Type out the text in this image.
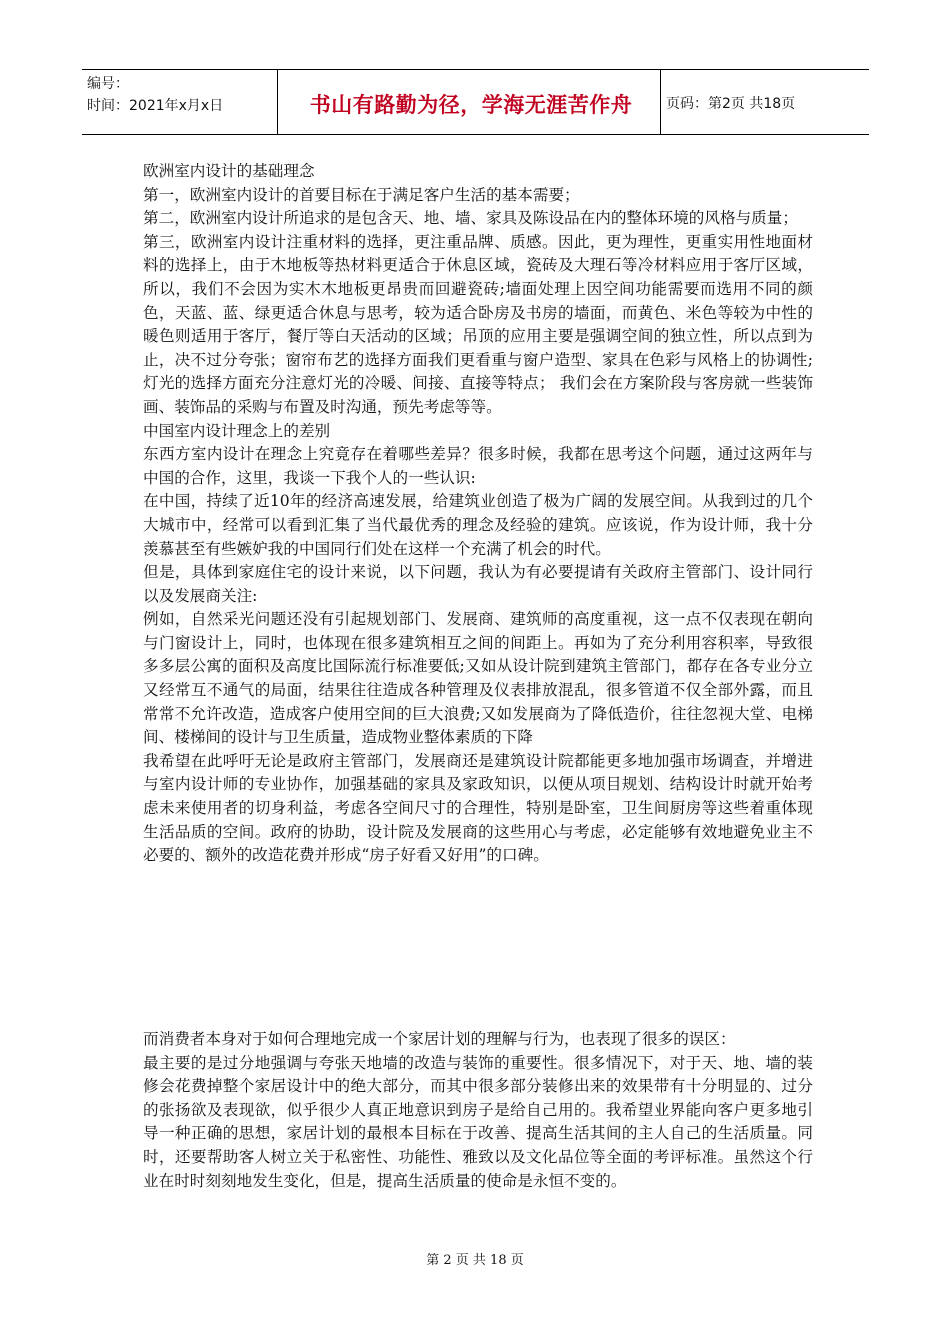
编号：
时间：2021年x月x日	书山有路勤为径，学海无涯苦作舟	页码：第2页 共18页

欧洲室内设计的基础理念

第一，欧洲室内设计的首要目标在于满足客户生活的基本需要；

第二，欧洲室内设计所追求的是包含天、地、墙、家具及陈设品在内的整体环境的风格与质量；

第三，欧洲室内设计注重材料的选择，更注重品牌、质感。因此，更为理性，更重实用性地面材料的选择上，由于木地板等热材料更适合于休息区域，瓷砖及大理石等冷材料应用于客厅区域，所以，我们不会因为实木木地板更昂贵而回避瓷砖;墙面处理上因空间功能需要而选用不同的颜色，天蓝、蓝、绿更适合休息与思考，较为适合卧房及书房的墙面，而黄色、米色等较为中性的暖色则适用于客厅，餐厅等白天活动的区域；吊顶的应用主要是强调空间的独立性，所以点到为止，决不过分夸张；窗帘布艺的选择方面我们更看重与窗户造型、家具在色彩与风格上的协调性;灯光的选择方面充分注意灯光的冷暖、间接、直接等特点； 我们会在方案阶段与客房就一些装饰画、装饰品的采购与布置及时沟通，预先考虑等等。

中国室内设计理念上的差别

东西方室内设计在理念上究竟存在着哪些差异？很多时候，我都在思考这个问题，通过这两年与中国的合作，这里，我谈一下我个人的一些认识:

在中国，持续了近10年的经济高速发展，给建筑业创造了极为广阔的发展空间。从我到过的几个大城市中，经常可以看到汇集了当代最优秀的理念及经验的建筑。应该说，作为设计师，我十分羡慕甚至有些嫉妒我的中国同行们处在这样一个充满了机会的时代。

但是，具体到家庭住宅的设计来说，以下问题，我认为有必要提请有关政府主管部门、设计同行以及发展商关注:

例如，自然采光问题还没有引起规划部门、发展商、建筑师的高度重视，这一点不仅表现在朝向与门窗设计上，同时，也体现在很多建筑相互之间的间距上。再如为了充分利用容积率，导致很多多层公寓的面积及高度比国际流行标准要低;又如从设计院到建筑主管部门，都存在各专业分立又经常互不通气的局面，结果往往造成各种管理及仪表排放混乱，很多管道不仅全部外露，而且常常不允许改造，造成客户使用空间的巨大浪费;又如发展商为了降低造价，往往忽视大堂、电梯间、楼梯间的设计与卫生质量，造成物业整体素质的下降

我希望在此呼吁无论是政府主管部门，发展商还是建筑设计院都能更多地加强市场调查，并增进与室内设计师的专业协作，加强基础的家具及家政知识，以便从项目规划、结构设计时就开始考虑未来使用者的切身利益，考虑各空间尺寸的合理性，特别是卧室，卫生间厨房等这些着重体现生活品质的空间。政府的协助，设计院及发展商的这些用心与考虑，必定能够有效地避免业主不必要的、额外的改造花费并形成“房子好看又好用”的口碑。

而消费者本身对于如何合理地完成一个家居计划的理解与行为，也表现了很多的误区：

最主要的是过分地强调与夸张天地墙的改造与装饰的重要性。很多情况下，对于天、地、墙的装修会花费掉整个家居设计中的绝大部分，而其中很多部分装修出来的效果带有十分明显的、过分的张扬欲及表现欲，似乎很少人真正地意识到房子是给自己用的。我希望业界能向客户更多地引导一种正确的思想，家居计划的最根本目标在于改善、提高生活其间的主人自己的生活质量。同时，还要帮助客人树立关于私密性、功能性、雅致以及文化品位等全面的考评标准。虽然这个行业在时时刻刻地发生变化，但是，提高生活质量的使命是永恒不变的。

第 2 页 共 18 页
